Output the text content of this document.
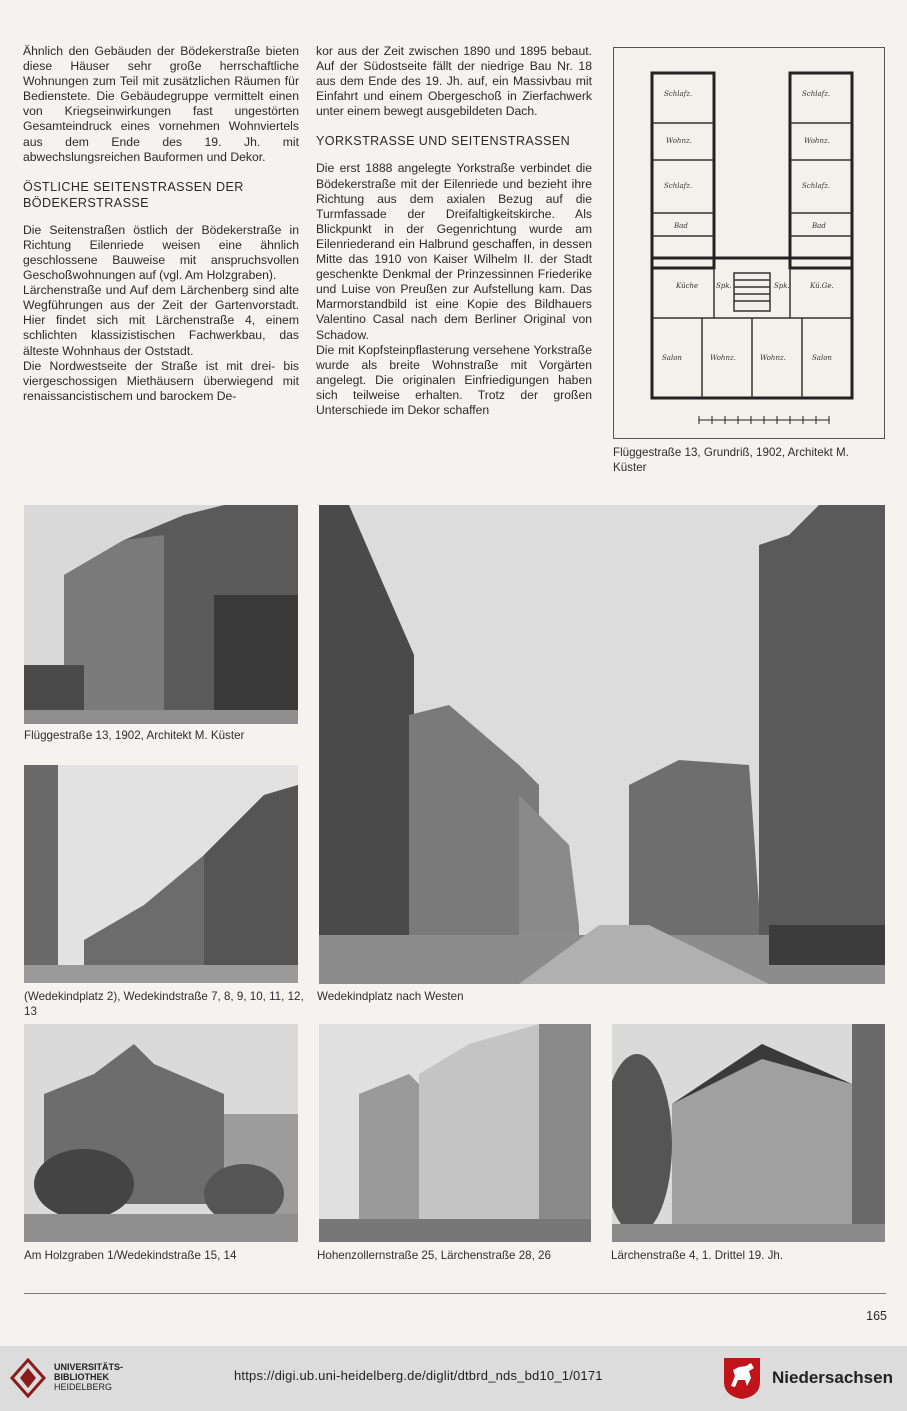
Ähnlich den Gebäuden der Bödekerstraße bieten diese Häuser sehr große herrschaftliche Wohnungen zum Teil mit zusätzlichen Räumen für Bedienstete. Die Gebäudegruppe vermittelt einen von Kriegseinwirkungen fast ungestörten Gesamteindruck eines vornehmen Wohnviertels aus dem Ende des 19. Jh. mit abwechslungsreichen Bauformen und Dekor.

ÖSTLICHE SEITENSTRASSEN DER BÖDEKERSTRASSE

Die Seitenstraßen östlich der Bödekerstraße in Richtung Eilenriede weisen eine ähnlich geschlossene Bauweise mit anspruchsvollen Geschoßwohnungen auf (vgl. Am Holzgraben).

Lärchenstraße und Auf dem Lärchenberg sind alte Wegführungen aus der Zeit der Gartenvorstadt. Hier findet sich mit Lärchenstraße 4, einem schlichten klassizistischen Fachwerkbau, das älteste Wohnhaus der Oststadt.

Die Nordwestseite der Straße ist mit drei- bis viergeschossigen Miethäusern überwiegend mit renaissancistischem und barockem De-

kor aus der Zeit zwischen 1890 und 1895 bebaut. Auf der Südostseite fällt der niedrige Bau Nr. 18 aus dem Ende des 19. Jh. auf, ein Massivbau mit Einfahrt und einem Obergeschoß in Zierfachwerk unter einem bewegt ausgebildeten Dach.

YORKSTRASSE UND SEITENSTRASSEN

Die erst 1888 angelegte Yorkstraße verbindet die Bödekerstraße mit der Eilenriede und bezieht ihre Richtung aus dem axialen Bezug auf die Turmfassade der Dreifaltigkeitskirche. Als Blickpunkt in der Gegenrichtung wurde am Eilenriederand ein Halbrund geschaffen, in dessen Mitte das 1910 von Kaiser Wilhelm II. der Stadt geschenkte Denkmal der Prinzessinnen Friederike und Luise von Preußen zur Aufstellung kam. Das Marmorstandbild ist eine Kopie des Bildhauers Valentino Casal nach dem Berliner Original von Schadow.

Die mit Kopfsteinpflasterung versehene Yorkstraße wurde als breite Wohnstraße mit Vorgärten angelegt. Die originalen Einfriedigungen haben sich teilweise erhalten. Trotz der großen Unterschiede im Dekor schaffen

Schlafz.	Schlafz.
Wohnz.	Wohnz.
Schlafz.	Schlafz.
Bad	Bad
Küche	Spk.	Spk.	Kü.Ge.
Salon	Wohnz.	Wohnz.	Salon
Flüggestraße 13, Grundriß, 1902, Architekt M. Küster
Flüggestraße 13, 1902, Architekt M. Küster
(Wedekindplatz 2), Wedekindstraße 7, 8, 9, 10, 11, 12, 13
Wedekindplatz nach Westen
Am Holzgraben 1/Wedekindstraße 15, 14	Hohenzollernstraße 25, Lärchenstraße 28, 26	Lärchenstraße 4, 1. Drittel 19. Jh.
165
UNIVERSITÄTS-
BIBLIOTHEK
HEIDELBERG
https://digi.ub.uni-heidelberg.de/diglit/dtbrd_nds_bd10_1/0171	Niedersachsen
